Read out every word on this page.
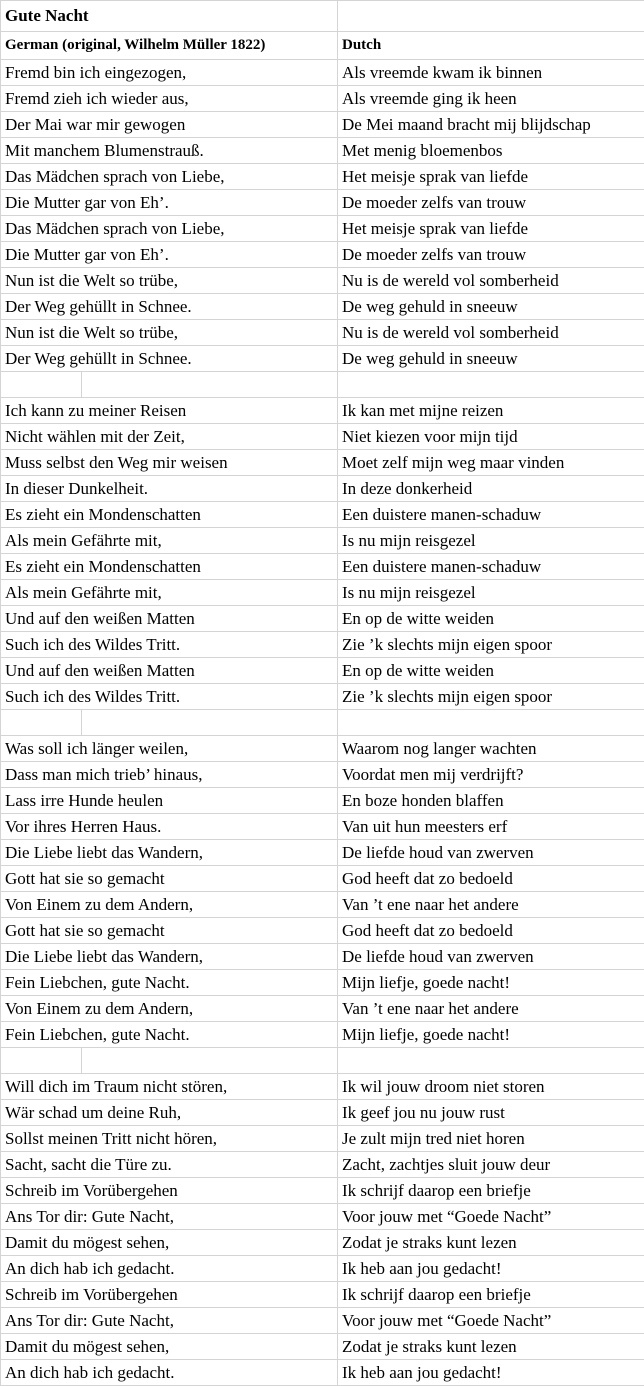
Gute Nacht	
German (original, Wilhelm Müller 1822)	Dutch
Fremd bin ich eingezogen,	Als vreemde kwam ik binnen
Fremd zieh ich wieder aus,	Als vreemde ging ik heen
Der Mai war mir gewogen	De Mei maand bracht mij blijdschap
Mit manchem Blumenstrauß.	Met menig bloemenbos
Das Mädchen sprach von Liebe,	Het meisje sprak van liefde
Die Mutter gar von Eh’.	De moeder zelfs van trouw
Das Mädchen sprach von Liebe,	Het meisje sprak van liefde
Die Mutter gar von Eh’.	De moeder zelfs van trouw
Nun ist die Welt so trübe,	Nu is de wereld vol somberheid
Der Weg gehüllt in Schnee.	De weg gehuld in sneeuw
Nun ist die Welt so trübe,	Nu is de wereld vol somberheid
Der Weg gehüllt in Schnee.	De weg gehuld in sneeuw

Ich kann zu meiner Reisen	Ik kan met mijne reizen
Nicht wählen mit der Zeit,	Niet kiezen voor mijn tijd
Muss selbst den Weg mir weisen	Moet zelf mijn weg maar vinden
In dieser Dunkelheit.	In deze donkerheid
Es zieht ein Mondenschatten	Een duistere manen-schaduw
Als mein Gefährte mit,	Is nu mijn reisgezel
Es zieht ein Mondenschatten	Een duistere manen-schaduw
Als mein Gefährte mit,	Is nu mijn reisgezel
Und auf den weißen Matten	En op de witte weiden
Such ich des Wildes Tritt.	Zie ’k slechts mijn eigen spoor
Und auf den weißen Matten	En op de witte weiden
Such ich des Wildes Tritt.	Zie ’k slechts mijn eigen spoor

Was soll ich länger weilen,	Waarom nog langer wachten
Dass man mich trieb’ hinaus,	Voordat men mij verdrijft?
Lass irre Hunde heulen	En boze honden blaffen
Vor ihres Herren Haus.	Van uit hun meesters erf
Die Liebe liebt das Wandern,	De liefde houd van zwerven
Gott hat sie so gemacht	God heeft dat zo bedoeld
Von Einem zu dem Andern,	Van ’t ene naar het andere
Gott hat sie so gemacht	God heeft dat zo bedoeld
Die Liebe liebt das Wandern,	De liefde houd van zwerven
Fein Liebchen, gute Nacht.	Mijn liefje, goede nacht!
Von Einem zu dem Andern,	Van ’t ene naar het andere
Fein Liebchen, gute Nacht.	Mijn liefje, goede nacht!

Will dich im Traum nicht stören,	Ik wil jouw droom niet storen
Wär schad um deine Ruh,	Ik geef jou nu jouw rust
Sollst meinen Tritt nicht hören,	Je zult mijn tred niet horen
Sacht, sacht die Türe zu.	Zacht, zachtjes sluit jouw deur
Schreib im Vorübergehen	Ik schrijf daarop een briefje
Ans Tor dir: Gute Nacht,	Voor jouw met “Goede Nacht”
Damit du mögest sehen,	Zodat je straks kunt lezen
An dich hab ich gedacht.	Ik heb aan jou gedacht!
Schreib im Vorübergehen	Ik schrijf daarop een briefje
Ans Tor dir: Gute Nacht,	Voor jouw met “Goede Nacht”
Damit du mögest sehen,	Zodat je straks kunt lezen
An dich hab ich gedacht.	Ik heb aan jou gedacht!
